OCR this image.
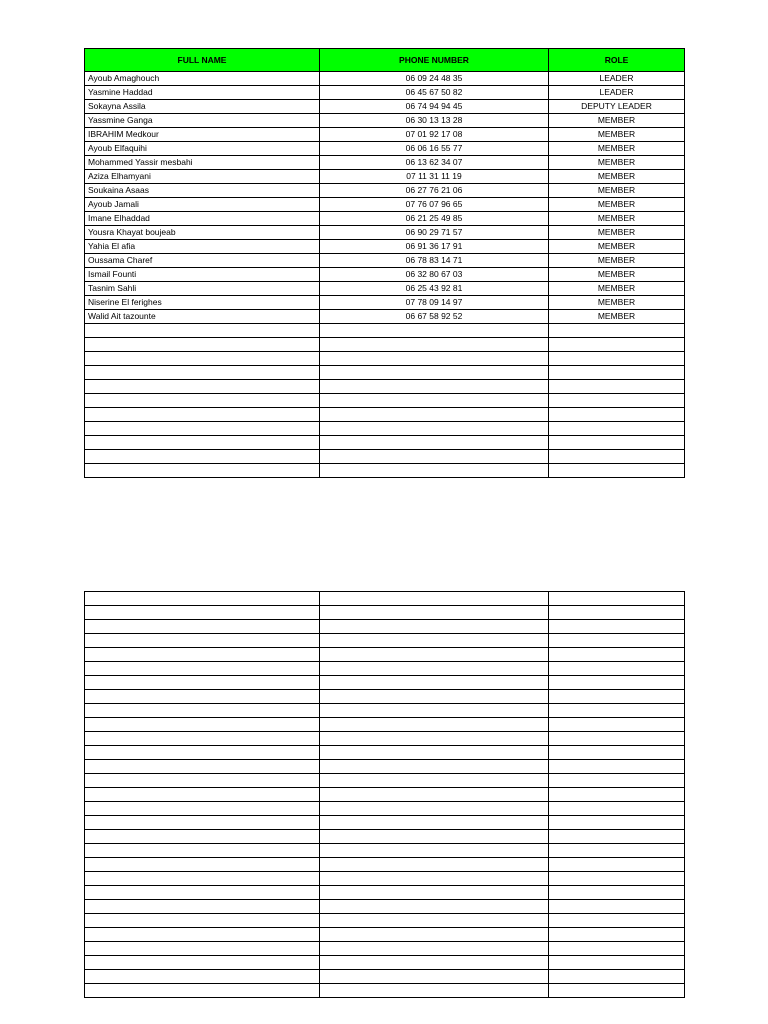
FULL NAME	PHONE NUMBER	ROLE
Ayoub Amaghouch	06 09 24 48 35	LEADER
Yasmine Haddad	06 45 67 50 82	LEADER
Sokayna Assila	06 74 94 94 45	DEPUTY LEADER
Yassmine Ganga	06 30 13 13 28	MEMBER
IBRAHIM Medkour	07 01 92 17 08	MEMBER
Ayoub Elfaquihi	06 06 16 55 77	MEMBER
Mohammed Yassir mesbahi	06 13 62 34 07	MEMBER
Aziza Elhamyani	07 11 31 11 19	MEMBER
Soukaina Asaas	06 27 76 21 06	MEMBER
Ayoub Jamali	07 76 07 96 65	MEMBER
Imane Elhaddad	06 21 25 49 85	MEMBER
Yousra Khayat boujeab	06 90 29 71 57	MEMBER
Yahia El afia	06 91 36 17 91	MEMBER
Oussama Charef	06 78 83 14 71	MEMBER
Ismail Founti	06 32 80 67 03	MEMBER
Tasnim Sahli	06 25 43 92 81	MEMBER
Niserine El ferighes	07 78 09 14 97	MEMBER
Walid Ait tazounte	06 67 58 92 52	MEMBER
